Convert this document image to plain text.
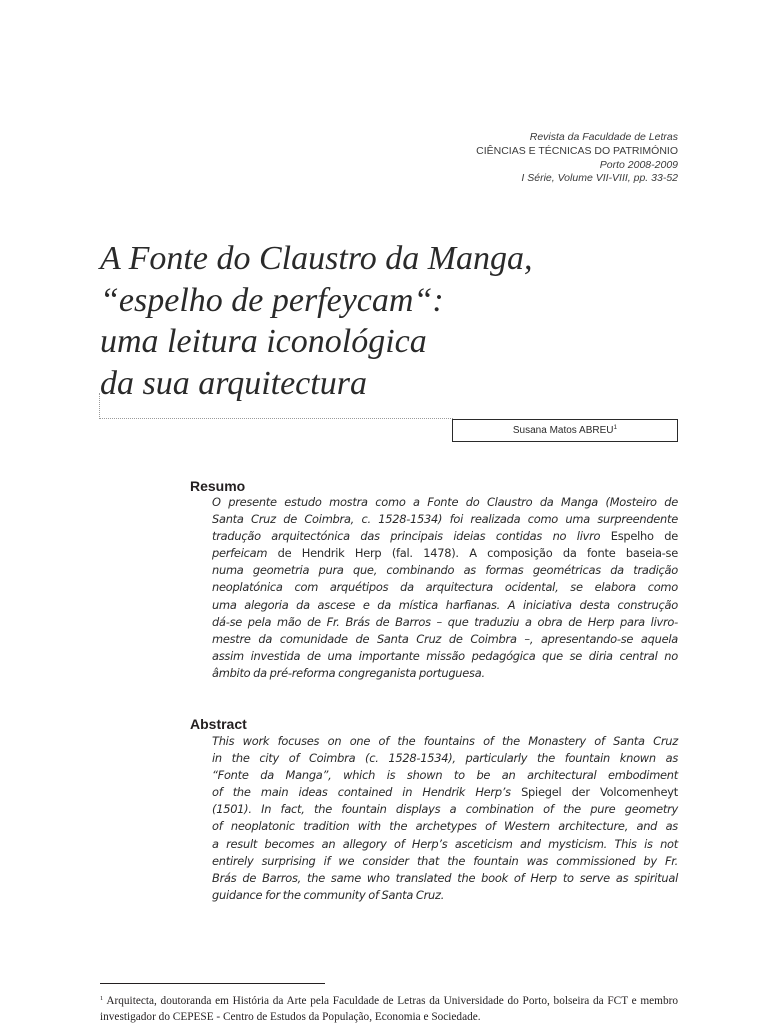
Revista da Faculdade de Letras
CIÊNCIAS E TÉCNICAS DO PATRIMÓNIO
Porto 2008-2009
I Série, Volume VII-VIII, pp. 33-52
A Fonte do Claustro da Manga,
“espelho de perfeycam“:
uma leitura iconológica
da sua arquitectura
Susana Matos ABREU$^1$
Resumo
O presente estudo mostra como a Fonte do Claustro da Manga (Mosteiro de
Santa Cruz de Coimbra, c. 1528-1534) foi realizada como uma surpreendente
tradução arquitectónica das principais ideias contidas no livro Espelho de
perfeicam de Hendrik Herp (fal. 1478). A composição da fonte baseia-se
numa geometria pura que, combinando as formas geométricas da tradição
neoplatónica com arquétipos da arquitectura ocidental, se elabora como
uma alegoria da ascese e da mística harfianas. A iniciativa desta construção
dá-se pela mão de Fr. Brás de Barros – que traduziu a obra de Herp para livro-
mestre da comunidade de Santa Cruz de Coimbra –, apresentando-se aquela
assim investida de uma importante missão pedagógica que se diria central no
âmbito da pré-reforma congreganista portuguesa.
Abstract
This work focuses on one of the fountains of the Monastery of Santa Cruz
in the city of Coimbra (c. 1528-1534), particularly the fountain known as
“Fonte da Manga”, which is shown to be an architectural embodiment
of the main ideas contained in Hendrik Herp’s Spiegel der Volcomenheyt
(1501). In fact, the fountain displays a combination of the pure geometry
of neoplatonic tradition with the archetypes of Western architecture, and as
a result becomes an allegory of Herp’s asceticism and mysticism. This is not
entirely surprising if we consider that the fountain was commissioned by Fr.
Brás de Barros, the same who translated the book of Herp to serve as spiritual
guidance for the community of Santa Cruz.

$^1$ Arquitecta, doutoranda em História da Arte pela Faculdade de Letras da Universidade do Porto, bolseira da FCT e membro investigador do CEPESE - Centro de Estudos da População, Economia e Sociedade.
